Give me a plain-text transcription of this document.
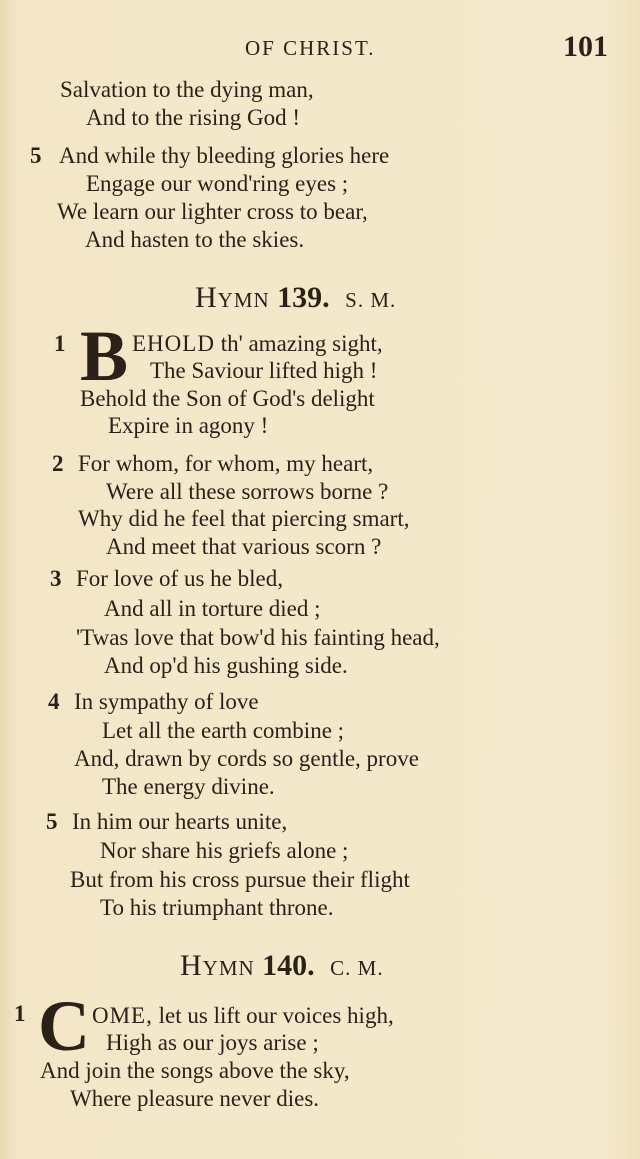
OF CHRIST.	101
Salvation to the dying man,
And to the rising God !
5 And while thy bleeding glories here
Engage our wond'ring eyes ;
We learn our lighter cross to bear,
And hasten to the skies.
Hymn 139. S. M.
1 B EHOLD th' amazing sight,
The Saviour lifted high !
Behold the Son of God's delight
Expire in agony !
2 For whom, for whom, my heart,
Were all these sorrows borne ?
Why did he feel that piercing smart,
And meet that various scorn ?
3 For love of us he bled,
And all in torture died ;
'Twas love that bow'd his fainting head,
And op'd his gushing side.
4 In sympathy of love
Let all the earth combine ;
And, drawn by cords so gentle, prove
The energy divine.
5 In him our hearts unite,
Nor share his griefs alone ;
But from his cross pursue their flight
To his triumphant throne.
Hymn 140. C. M.
1 C OME, let us lift our voices high,
High as our joys arise ;
And join the songs above the sky,
Where pleasure never dies.
